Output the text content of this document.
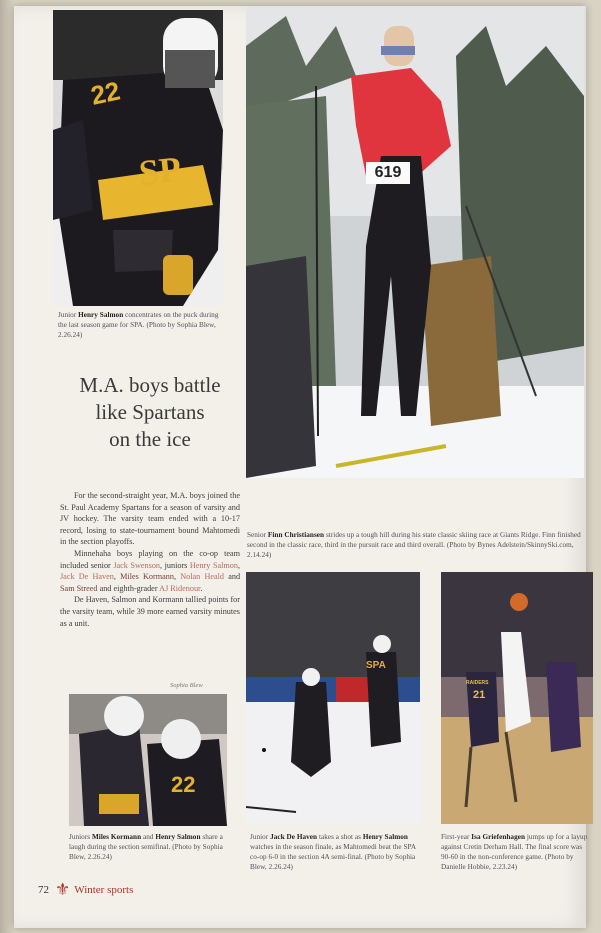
22
SP
Junior Henry Salmon concentrates on the puck during the last season game for SPA. (Photo by Sophia Blew, 2.26.24)
619
Senior Finn Christiansen strides up a tough hill during his state classic skiing race at Giants Ridge. Finn finished second in the classic race, third in the pursuit race and third overall. (Photo by Bynes Adelstein/SkinnySki.com, 2.14.24)
M.A. boys battle
like Spartans
on the ice

For the second-straight year, M.A. boys joined the St. Paul Academy Spartans for a season of varsity and JV hockey. The varsity team ended with a 10-17 record, losing to state-tournament bound Mahtomedi in the section playoffs.

Minnehaha boys playing on the co-op team included senior Jack Swenson, juniors Henry Salmon, Jack De Haven, Miles Kormann, Nolan Heald and Sam Streed and eighth-grader AJ Ridenour.

De Haven, Salmon and Kormann tallied points for the varsity team, while 39 more earned varsity minutes as a unit.

Sophia Blew
22
Juniors Miles Kormann and Henry Salmon share a laugh during the section semifinal. (Photo by Sophia Blew, 2.26.24)
SPA
Junior Jack De Haven takes a shot as Henry Salmon watches in the season finale, as Mahtomedi beat the SPA co-op 6-0 in the section 4A semi-final. (Photo by Sophia Blew, 2.26.24)
RAIDERS
21
First-year Isa Griefenhagen jumps up for a layup against Cretin Derham Hall. The final score was 90-60 in the non-conference game. (Photo by Danielle Hobbie, 2.23.24)
72 ⚜ Winter sports
